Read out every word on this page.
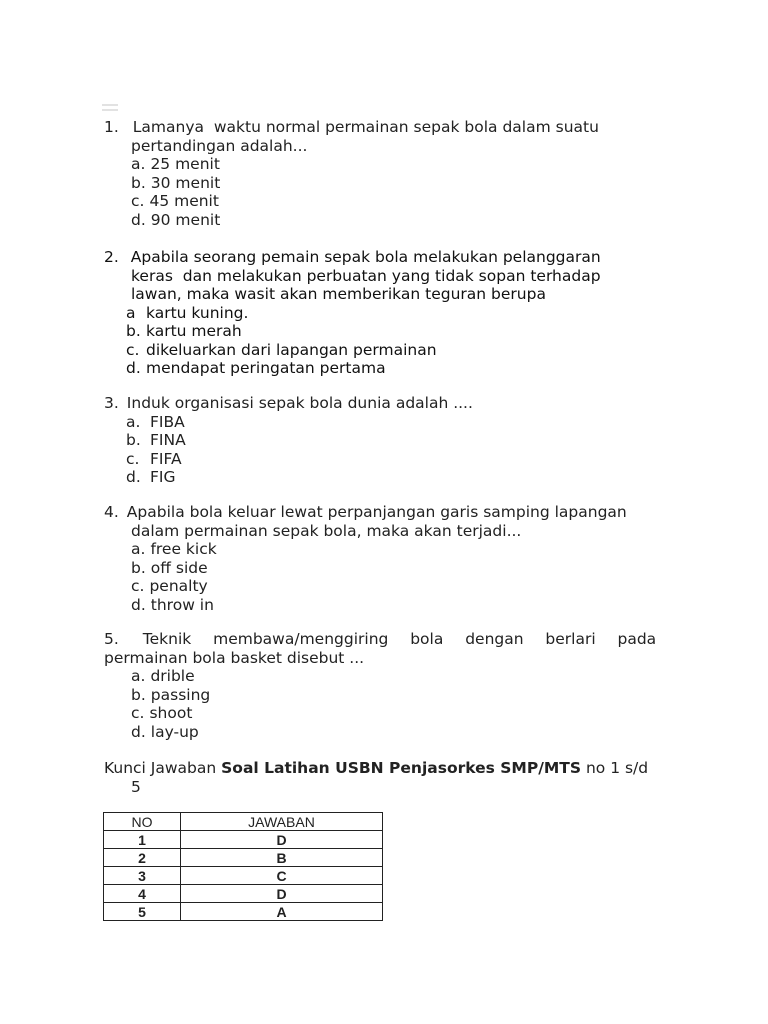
1. Lamanya  waktu normal permainan sepak bola dalam suatu
pertandingan adalah...
a. 25 menit
b. 30 menit
c. 45 menit
d. 90 menit
2. Apabila seorang pemain sepak bola melakukan pelanggaran
keras  dan melakukan perbuatan yang tidak sopan terhadap
lawan, maka wasit akan memberikan teguran berupa
a kartu kuning.
b. kartu merah
c. dikeluarkan dari lapangan permainan
d. mendapat peringatan pertama
3. Induk organisasi sepak bola dunia adalah ....
a. FIBA
b. FINA
c. FIFA
d. FIG
4. Apabila bola keluar lewat perpanjangan garis samping lapangan
dalam permainan sepak bola, maka akan terjadi...
a. free kick
b. off side
c. penalty
d. throw in
5. Teknik  membawa/menggiring  bola  dengan  berlari  pada
permainan bola basket disebut ...
a. drible
b. passing
c. shoot
d. lay-up
Kunci Jawaban Soal Latihan USBN Penjasorkes SMP/MTS no 1 s/d
5
NO	JAWABAN
1	D
2	B
3	C
4	D
5	A
